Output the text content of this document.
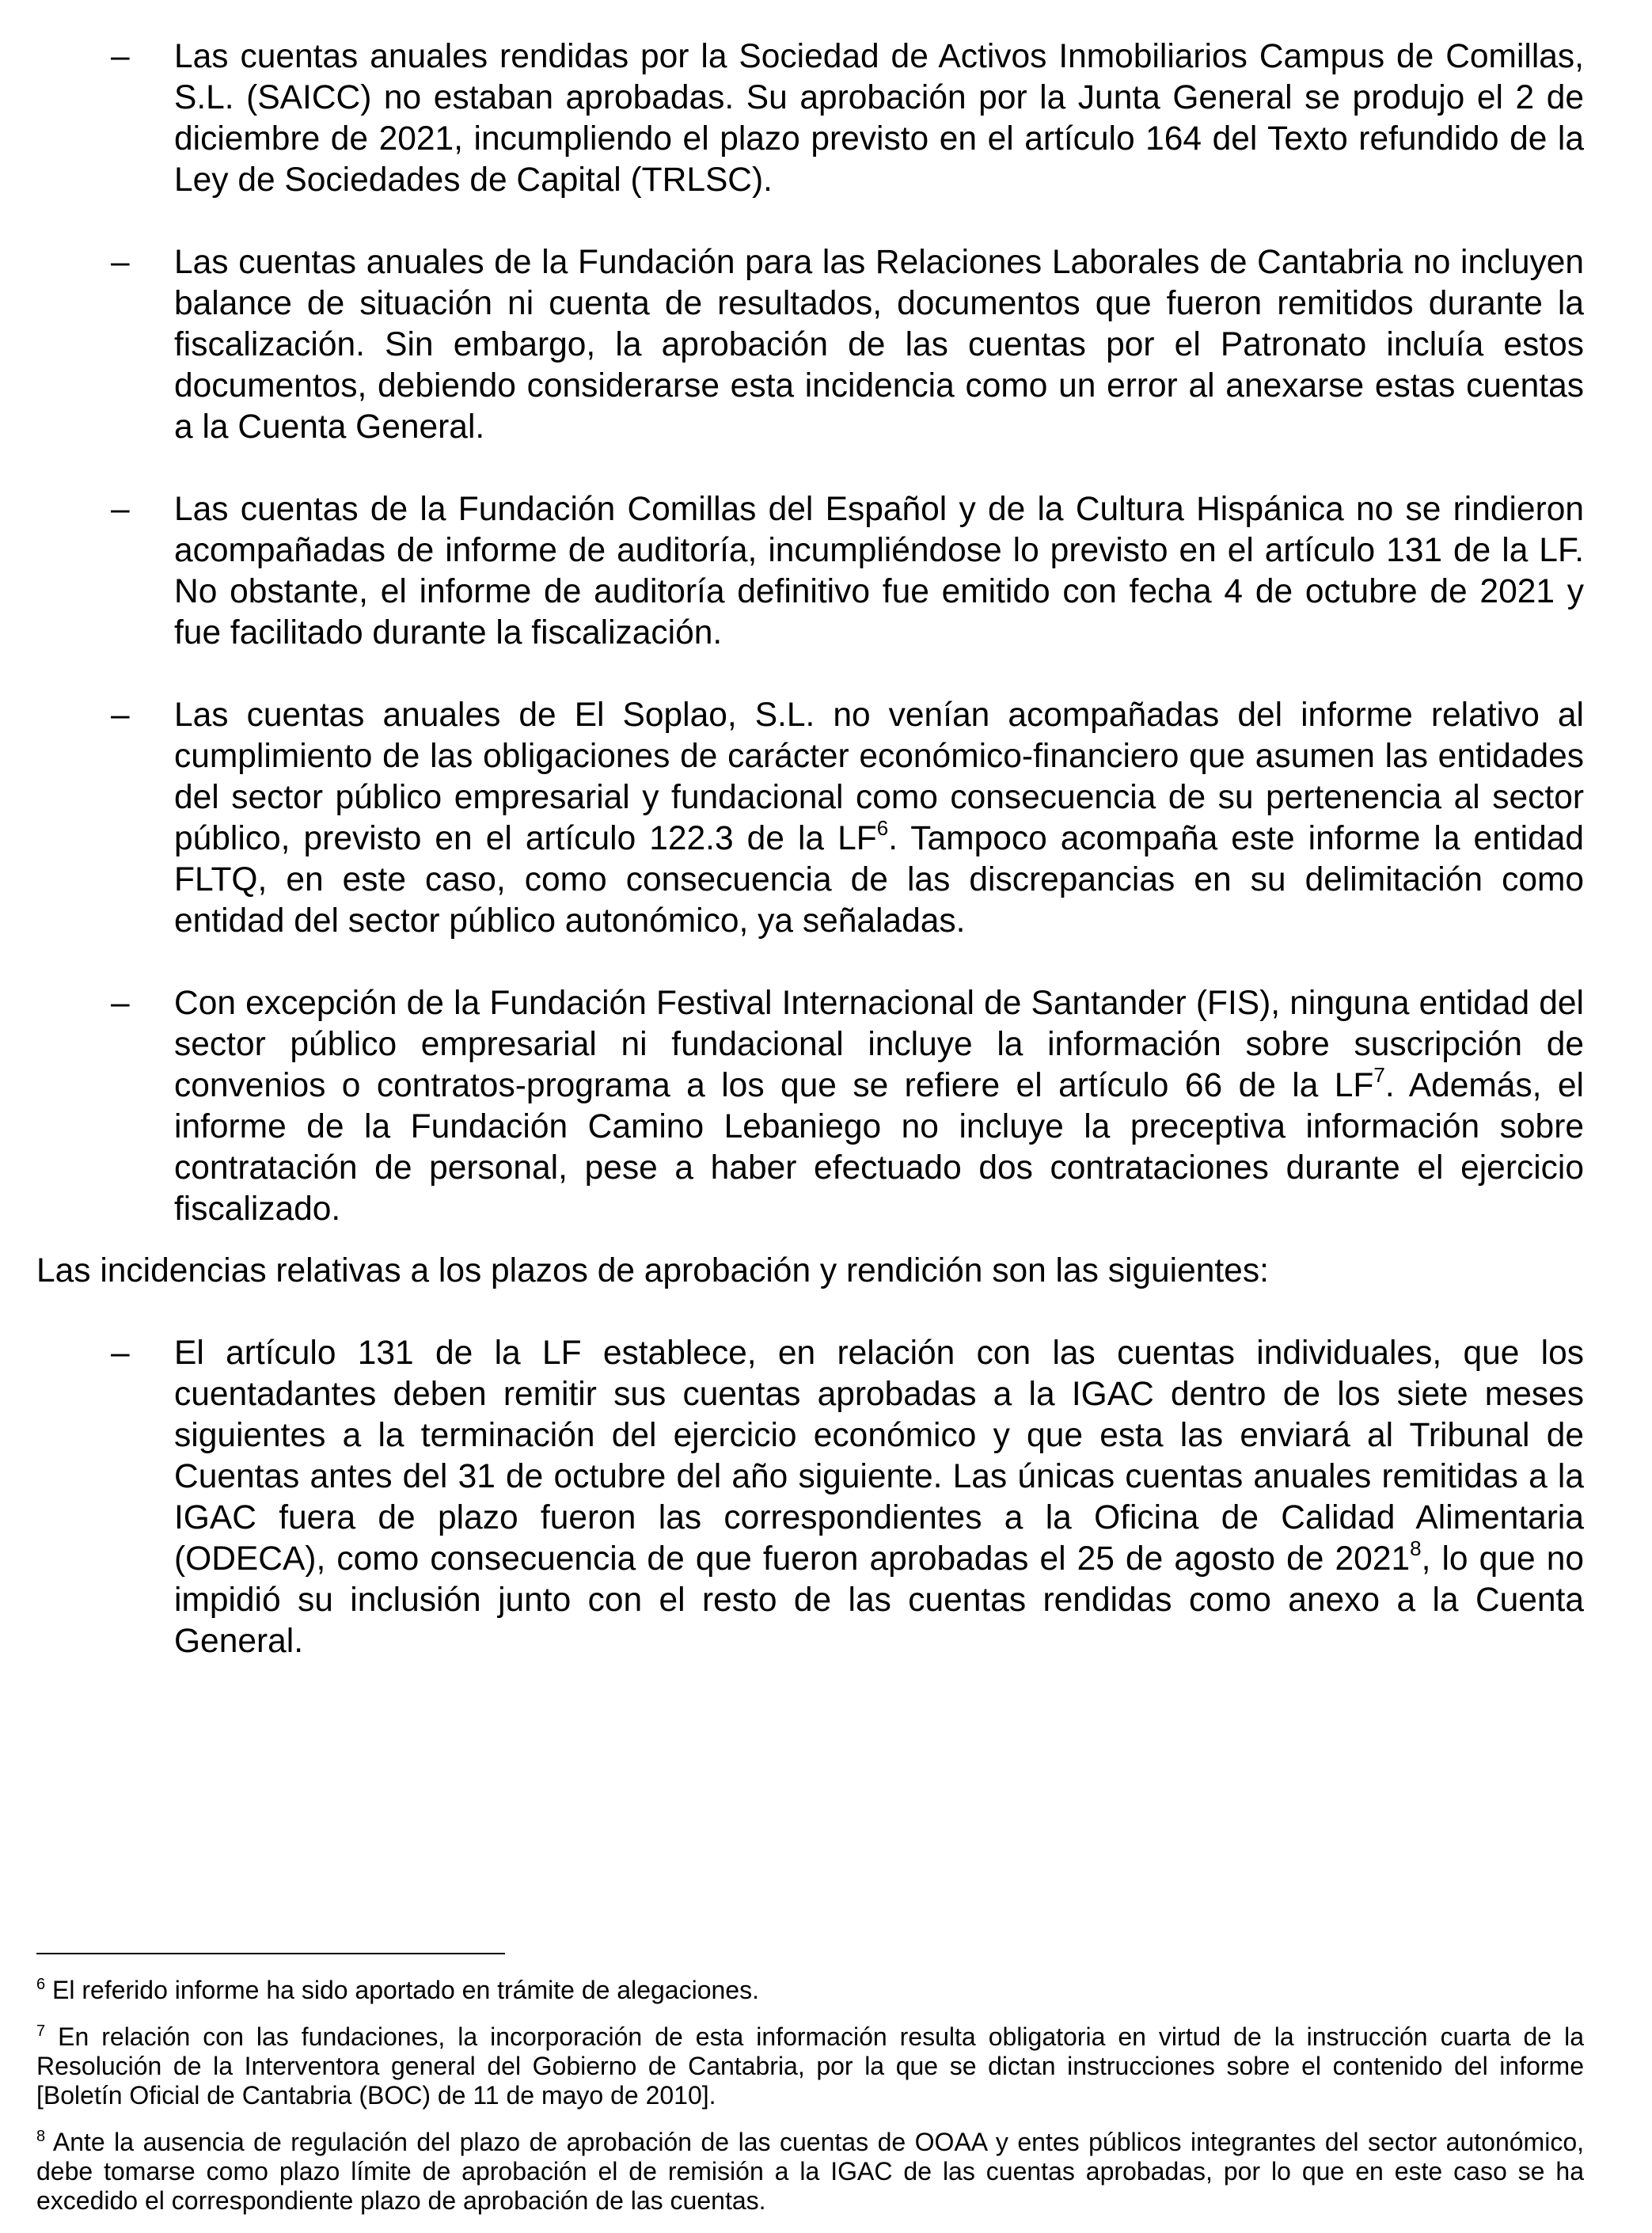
–	Las cuentas anuales rendidas por la Sociedad de Activos Inmobiliarios Campus de Comillas, S.L. (SAICC) no estaban aprobadas. Su aprobación por la Junta General se produjo el 2 de diciembre de 2021, incumpliendo el plazo previsto en el artículo 164 del Texto refundido de la Ley de Sociedades de Capital (TRLSC).
–	Las cuentas anuales de la Fundación para las Relaciones Laborales de Cantabria no incluyen balance de situación ni cuenta de resultados, documentos que fueron remitidos durante la fiscalización. Sin embargo, la aprobación de las cuentas por el Patronato incluía estos documentos, debiendo considerarse esta incidencia como un error al anexarse estas cuentas a la Cuenta General.
–	Las cuentas de la Fundación Comillas del Español y de la Cultura Hispánica no se rindieron acompañadas de informe de auditoría, incumpliéndose lo previsto en el artículo 131 de la LF. No obstante, el informe de auditoría definitivo fue emitido con fecha 4 de octubre de 2021 y fue facilitado durante la fiscalización.
–	Las cuentas anuales de El Soplao, S.L. no venían acompañadas del informe relativo al cumplimiento de las obligaciones de carácter económico-financiero que asumen las entidades del sector público empresarial y fundacional como consecuencia de su pertenencia al sector público, previsto en el artículo 122.3 de la LF$^6$. Tampoco acompaña este informe la entidad FLTQ, en este caso, como consecuencia de las discrepancias en su delimitación como entidad del sector público autonómico, ya señaladas.
–	Con excepción de la Fundación Festival Internacional de Santander (FIS), ninguna entidad del sector público empresarial ni fundacional incluye la información sobre suscripción de convenios o contratos-programa a los que se refiere el artículo 66 de la LF$^7$. Además, el informe de la Fundación Camino Lebaniego no incluye la preceptiva información sobre contratación de personal, pese a haber efectuado dos contrataciones durante el ejercicio fiscalizado.

Las incidencias relativas a los plazos de aprobación y rendición son las siguientes:

–	El artículo 131 de la LF establece, en relación con las cuentas individuales, que los cuentadantes deben remitir sus cuentas aprobadas a la IGAC dentro de los siete meses siguientes a la terminación del ejercicio económico y que esta las enviará al Tribunal de Cuentas antes del 31 de octubre del año siguiente. Las únicas cuentas anuales remitidas a la IGAC fuera de plazo fueron las correspondientes a la Oficina de Calidad Alimentaria (ODECA), como consecuencia de que fueron aprobadas el 25 de agosto de 2021$^8$, lo que no impidió su inclusión junto con el resto de las cuentas rendidas como anexo a la Cuenta General.
$^6$ El referido informe ha sido aportado en trámite de alegaciones.
$^7$ En relación con las fundaciones, la incorporación de esta información resulta obligatoria en virtud de la instrucción cuarta de la Resolución de la Interventora general del Gobierno de Cantabria, por la que se dictan instrucciones sobre el contenido del informe [Boletín Oficial de Cantabria (BOC) de 11 de mayo de 2010].
$^8$ Ante la ausencia de regulación del plazo de aprobación de las cuentas de OOAA y entes públicos integrantes del sector autonómico, debe tomarse como plazo límite de aprobación el de remisión a la IGAC de las cuentas aprobadas, por lo que en este caso se ha excedido el correspondiente plazo de aprobación de las cuentas.
